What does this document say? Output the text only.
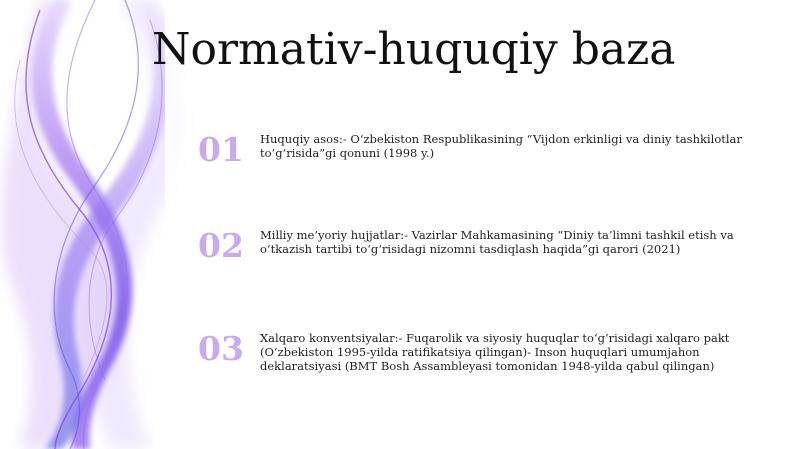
Normativ-huquqiy baza
01	Huquqiy asos:- O‘zbekiston Respublikasining “Vijdon erkinligi va diniy tashkilotlar to‘g‘risida”gi qonuni (1998 y.)
02	Milliy me’yoriy hujjatlar:- Vazirlar Mahkamasining “Diniy ta’limni tashkil etish va o‘tkazish tartibi to‘g‘risidagi nizomni tasdiqlash haqida”gi qarori (2021)
03	Xalqaro konventsiyalar:- Fuqarolik va siyosiy huquqlar to‘g‘risidagi xalqaro pakt (O‘zbekiston 1995-yilda ratifikatsiya qilingan)- Inson huquqlari umumjahon deklaratsiyasi (BMT Bosh Assambleyasi tomonidan 1948-yilda qabul qilingan)
